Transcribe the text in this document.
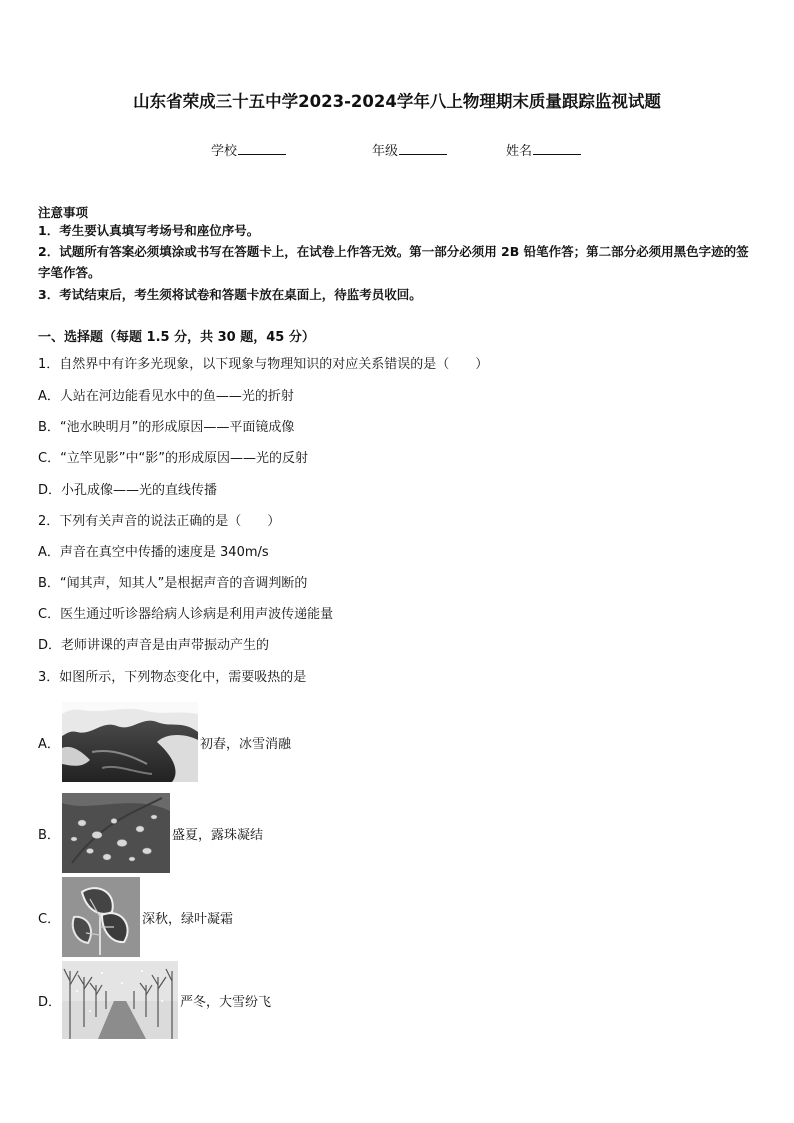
山东省荣成三十五中学2023-2024学年八上物理期末质量跟踪监视试题
学校	年级	姓名
注意事项
1．考生要认真填写考场号和座位序号。
2．试题所有答案必须填涂或书写在答题卡上，在试卷上作答无效。第一部分必须用 2B 铅笔作答；第二部分必须用黑色字迹的签字笔作答。
3．考试结束后，考生须将试卷和答题卡放在桌面上，待监考员收回。
一、选择题（每题 1.5 分，共 30 题，45 分）
1．自然界中有许多光现象，以下现象与物理知识的对应关系错误的是（　　）
A．人站在河边能看见水中的鱼——光的折射
B．“池水映明月”的形成原因——平面镜成像
C．“立竿见影”中“影”的形成原因——光的反射
D．小孔成像——光的直线传播
2．下列有关声音的说法正确的是（　　）
A．声音在真空中传播的速度是 340m/s
B．“闻其声，知其人”是根据声音的音调判断的
C．医生通过听诊器给病人诊病是利用声波传递能量
D．老师讲课的声音是由声带振动产生的
3．如图所示，下列物态变化中，需要吸热的是
A．	初春，冰雪消融
B．	盛夏，露珠凝结
C．	深秋，绿叶凝霜
D．	严冬，大雪纷飞
